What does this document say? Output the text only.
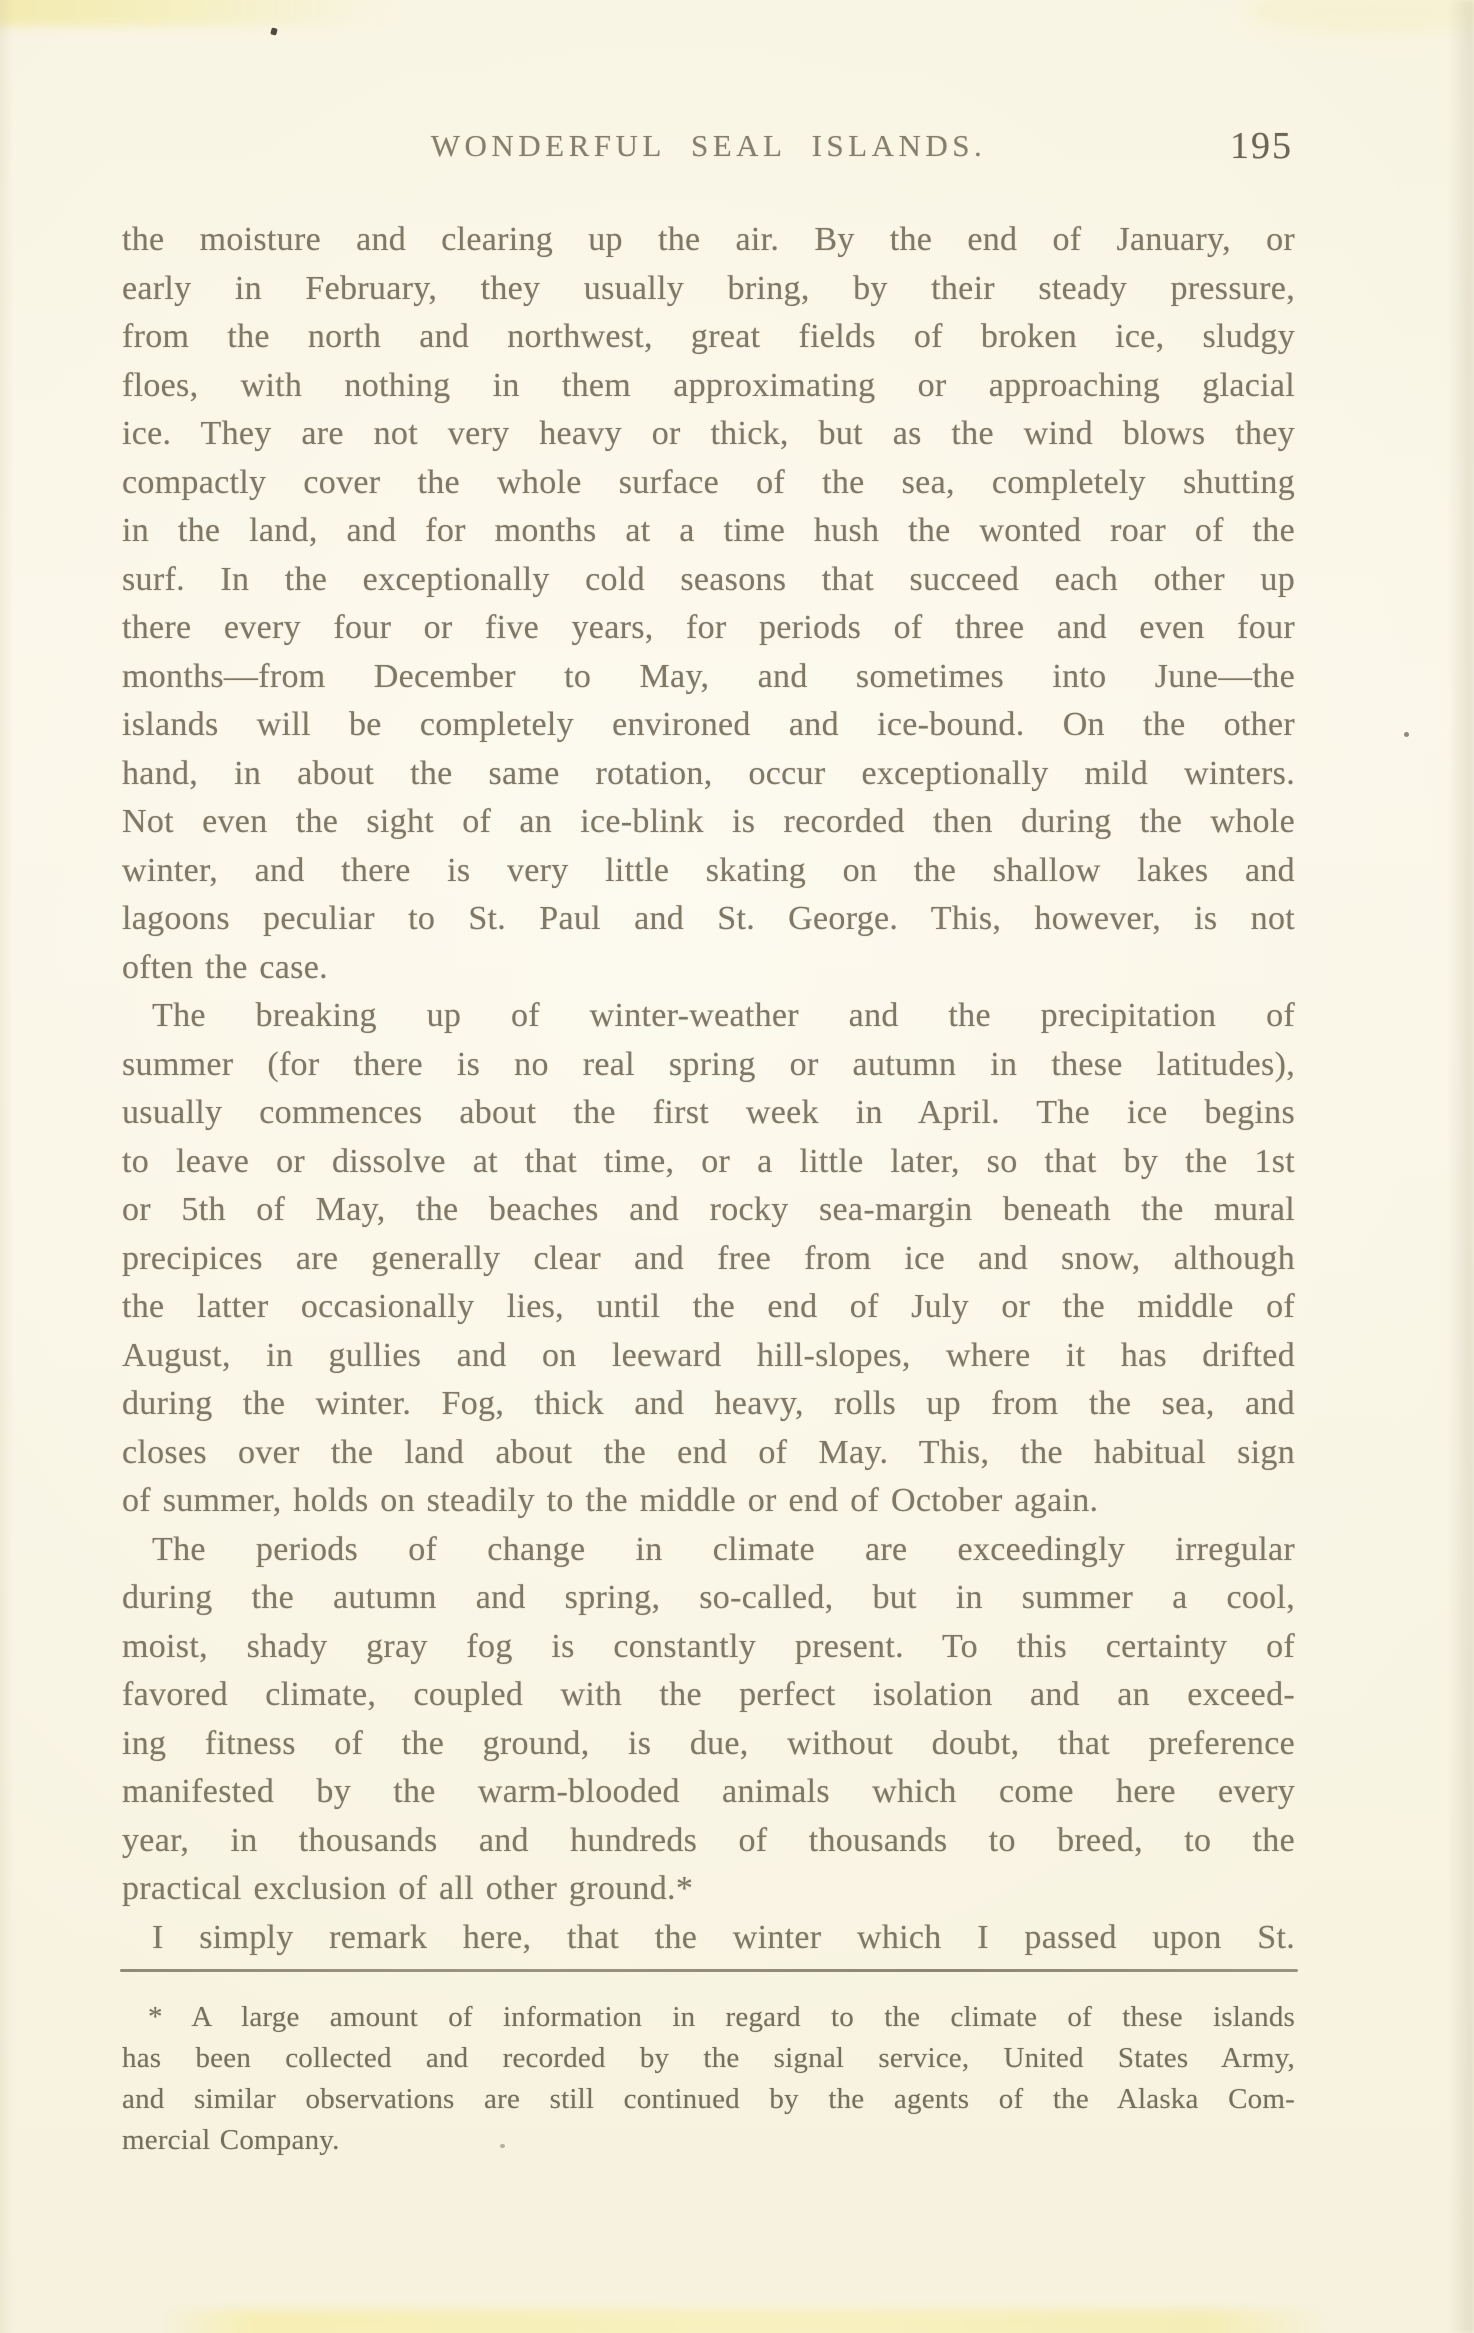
WONDERFUL SEAL ISLANDS.	195
the moisture and clearing up the air. By the end of January, or
early in February, they usually bring, by their steady pressure,
from the north and northwest, great fields of broken ice, sludgy
floes, with nothing in them approximating or approaching glacial
ice. They are not very heavy or thick, but as the wind blows they
compactly cover the whole surface of the sea, completely shutting
in the land, and for months at a time hush the wonted roar of the
surf. In the exceptionally cold seasons that succeed each other up
there every four or five years, for periods of three and even four
months—from December to May, and sometimes into June—the
islands will be completely environed and ice-bound. On the other
hand, in about the same rotation, occur exceptionally mild winters.
Not even the sight of an ice-blink is recorded then during the whole
winter, and there is very little skating on the shallow lakes and
lagoons peculiar to St. Paul and St. George. This, however, is not
often the case.
The breaking up of winter-weather and the precipitation of
summer (for there is no real spring or autumn in these latitudes),
usually commences about the first week in April. The ice begins
to leave or dissolve at that time, or a little later, so that by the 1st
or 5th of May, the beaches and rocky sea-margin beneath the mural
precipices are generally clear and free from ice and snow, although
the latter occasionally lies, until the end of July or the middle of
August, in gullies and on leeward hill-slopes, where it has drifted
during the winter. Fog, thick and heavy, rolls up from the sea, and
closes over the land about the end of May. This, the habitual sign
of summer, holds on steadily to the middle or end of October again.
The periods of change in climate are exceedingly irregular
during the autumn and spring, so-called, but in summer a cool,
moist, shady gray fog is constantly present. To this certainty of
favored climate, coupled with the perfect isolation and an exceed-
ing fitness of the ground, is due, without doubt, that preference
manifested by the warm-blooded animals which come here every
year, in thousands and hundreds of thousands to breed, to the
practical exclusion of all other ground.*
I simply remark here, that the winter which I passed upon St.
* A large amount of information in regard to the climate of these islands
has been collected and recorded by the signal service, United States Army,
and similar observations are still continued by the agents of the Alaska Com-
mercial Company.
